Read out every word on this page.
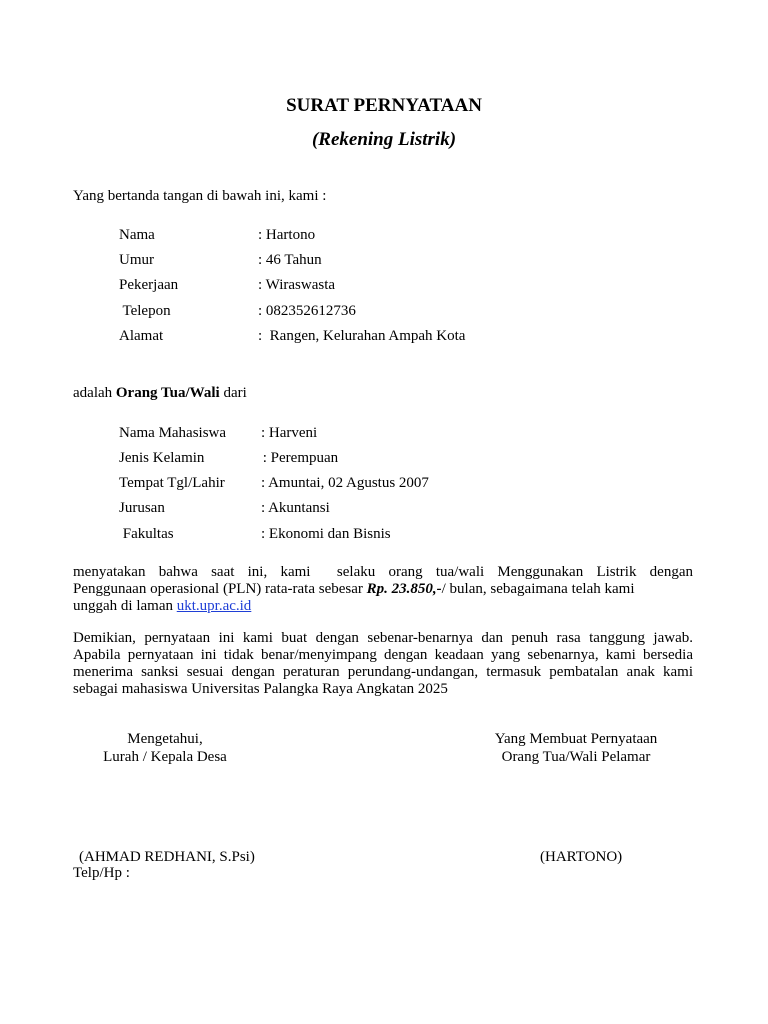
SURAT PERNYATAAN
(Rekening Listrik)
Yang bertanda tangan di bawah ini, kami :
Nama	: Hartono
Umur	: 46 Tahun
Pekerjaan	: Wiraswasta
Telepon	: 082352612736
Alamat	:  Rangen, Kelurahan Ampah Kota
adalah Orang Tua/Wali dari
Nama Mahasiswa : Harveni
Jenis Kelamin	: Perempuan
Tempat Tgl/Lahir : Amuntai, 02 Agustus 2007
Jurusan	: Akuntansi
Fakultas	: Ekonomi dan Bisnis
menyatakan bahwa saat ini, kami  selaku orang tua/wali Menggunakan Listrik dengan
Penggunaan operasional (PLN) rata-rata sebesar Rp. 23.850,-/ bulan, sebagaimana telah kami
unggah di laman ukt.upr.ac.id
Demikian, pernyataan ini kami buat dengan sebenar-benarnya dan penuh rasa tanggung jawab.
Apabila pernyataan ini tidak benar/menyimpang dengan keadaan yang sebenarnya, kami bersedia
menerima sanksi sesuai dengan peraturan perundang-undangan, termasuk pembatalan anak kami
sebagai mahasiswa Universitas Palangka Raya Angkatan 2025
Mengetahui,
Lurah / Kepala Desa
Yang Membuat Pernyataan
Orang Tua/Wali Pelamar
(AHMAD REDHANI, S.Psi)	(HARTONO)
Telp/Hp :
